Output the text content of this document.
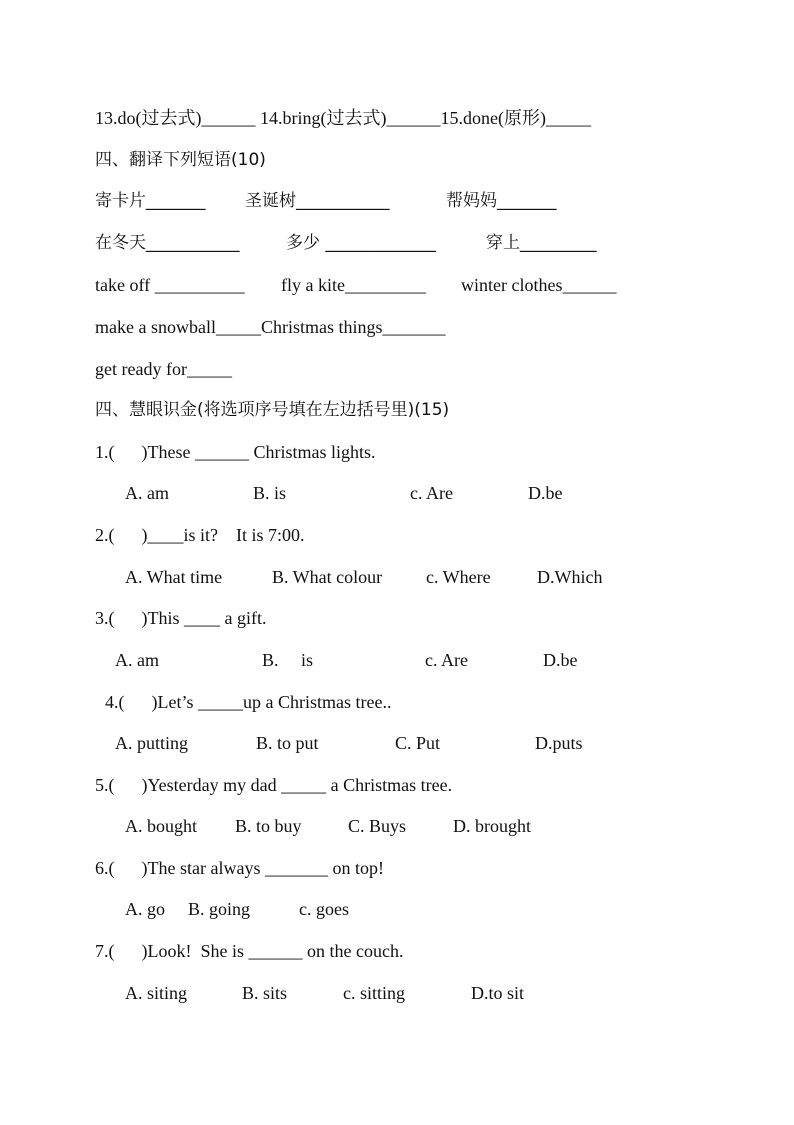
13.do(过去式)______ 14.bring(过去式)______15.done(原形)_____

四、翻译下列短语(10)

寄卡片_______

圣诞树___________

	帮妈妈_______

在冬天___________

	多少 _____________

	穿上_________

take off __________

fly a kite_________

winter clothes______

make a snowball_____Christmas things_______

get ready for_____

四、慧眼识金(将选项序号填在左边括号里)(15)

1.(      )These ______ Christmas lights.

A. am

	B. is

	c. Are

	D.be

2.(      )____is it?    It is 7:00.

A. What time

	B. What colour

c. Where

	D.Which

3.(      )This ____ a gift.

A. am

	B.     is

	c. Are

	D.be

4.(      )Let’s _____up a Christmas tree..

A. putting

	B. to put

	C. Put

	D.puts

5.(      )Yesterday my dad _____ a Christmas tree.

A. bought

B. to buy

	C. Buys

	D. brought

6.(      )The star always _______ on top!

A. go

B. going

	c. goes

7.(      )Look!  She is ______ on the couch.

A. siting

	B. sits

	c. sitting

	D.to sit
